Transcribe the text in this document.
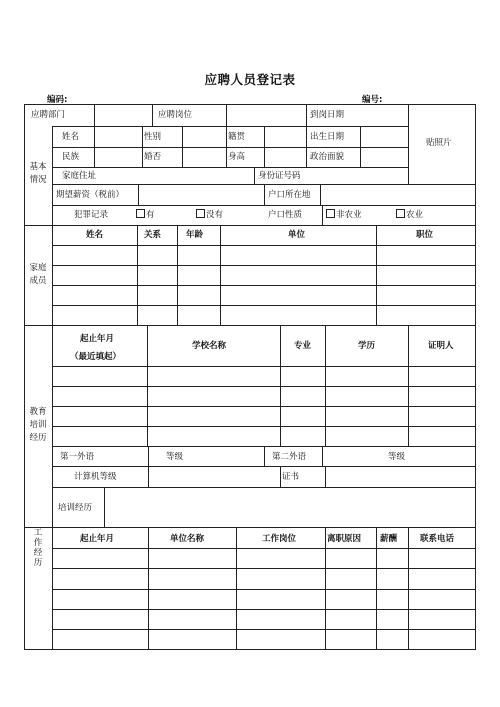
应聘人员登记表
编码:	编号:
应聘部门	应聘岗位	到岗日期
贴照片
基本
情况
姓名	性别	籍贯	出生日期
民族	婚否	身高	政治面貌
家庭住址	身份证号码
期望薪资（税前）	户口所在地
犯罪记录	有	没有	户口性质	非农业	农业
家庭
成员
姓名	关系	年龄	单位	职位
教育
培训
经历
起止年月
（最近填起）
学校名称	专业	学历	证明人
第一外语	等级	第二外语	等级
计算机等级	证书
培训经历
工
作
经
历
起止年月	单位名称	工作岗位	离职原因 薪酬	联系电话
